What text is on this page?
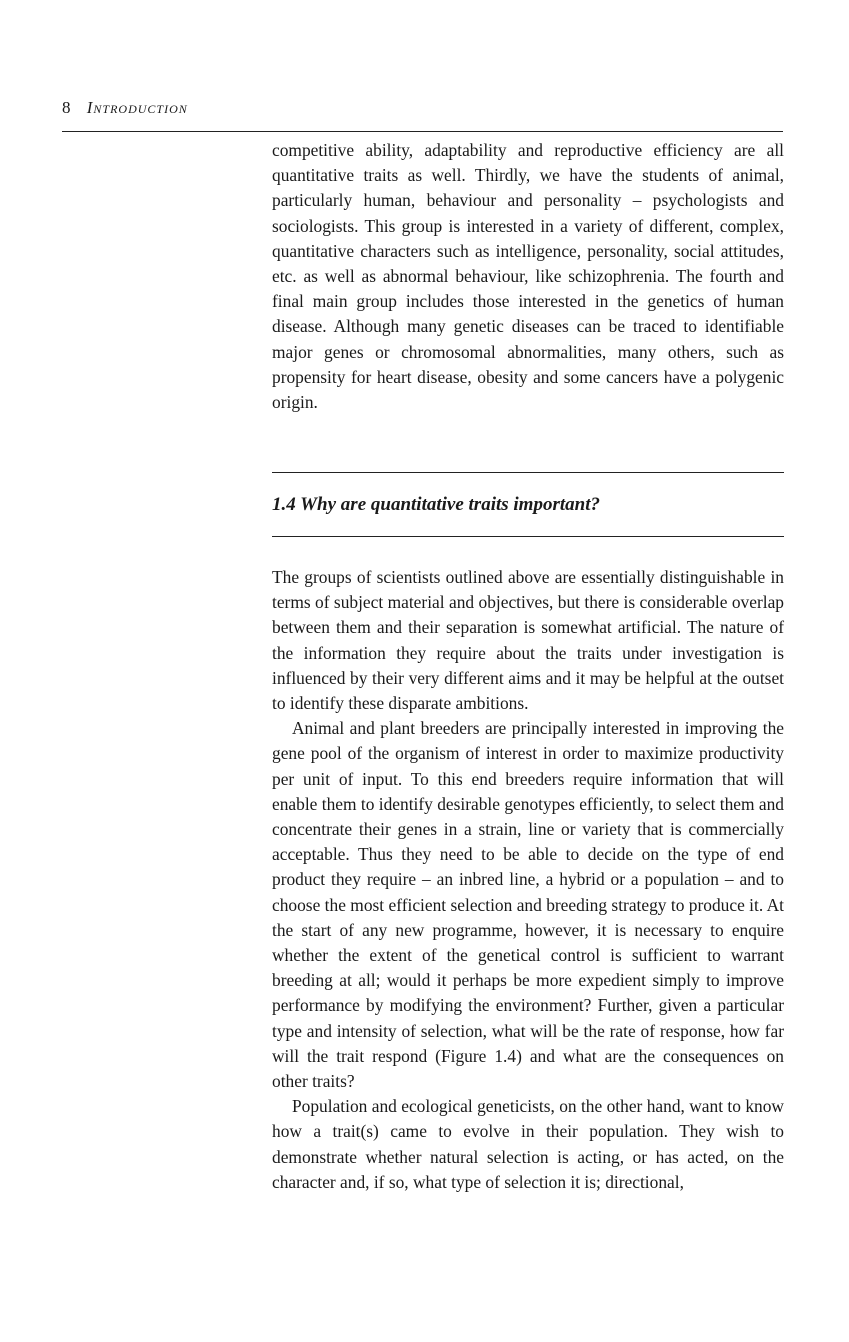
8 Introduction

competitive ability, adaptability and reproductive efficiency are all quantitative traits as well. Thirdly, we have the students of animal, particularly human, behaviour and personality – psychologists and sociologists. This group is interested in a variety of different, complex, quantitative characters such as intelligence, personality, social attitudes, etc. as well as abnormal behaviour, like schizophrenia. The fourth and final main group includes those interested in the genetics of human disease. Although many genetic diseases can be traced to identifiable major genes or chromosomal abnormalities, many others, such as propensity for heart disease, obesity and some cancers have a polygenic origin.

1.4 Why are quantitative traits important?

The groups of scientists outlined above are essentially distinguishable in terms of subject material and objectives, but there is considerable overlap between them and their separation is somewhat artificial. The nature of the information they require about the traits under investigation is influenced by their very different aims and it may be helpful at the outset to identify these disparate ambitions.

Animal and plant breeders are principally interested in improving the gene pool of the organism of interest in order to maximize productivity per unit of input. To this end breeders require information that will enable them to identify desirable genotypes efficiently, to select them and concentrate their genes in a strain, line or variety that is commercially acceptable. Thus they need to be able to decide on the type of end product they require – an inbred line, a hybrid or a population – and to choose the most efficient selection and breeding strategy to produce it. At the start of any new programme, however, it is necessary to enquire whether the extent of the genetical control is sufficient to warrant breeding at all; would it perhaps be more expedient simply to improve performance by modifying the environment? Further, given a particular type and intensity of selection, what will be the rate of response, how far will the trait respond (Figure 1.4) and what are the consequences on other traits?

Population and ecological geneticists, on the other hand, want to know how a trait(s) came to evolve in their population. They wish to demonstrate whether natural selection is acting, or has acted, on the character and, if so, what type of selection it is; directional,
